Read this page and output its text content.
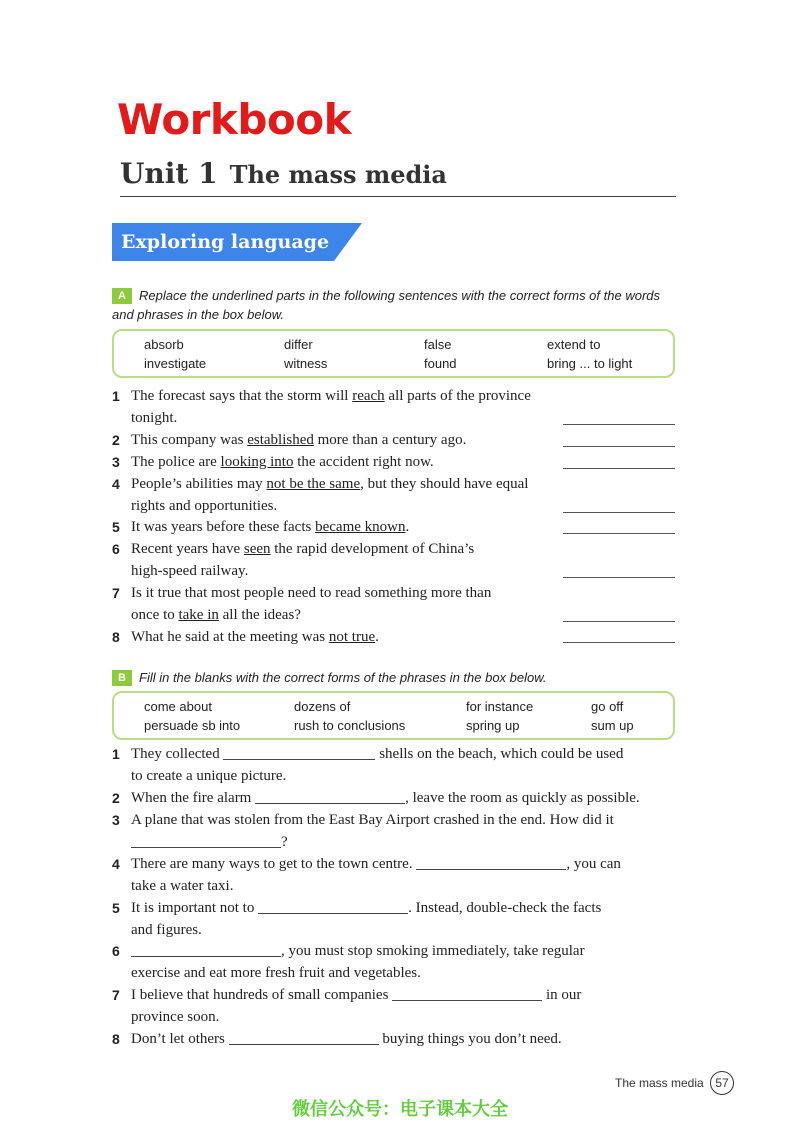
Workbook
Unit 1 The mass media
Exploring language
A Replace the underlined parts in the following sentences with the correct forms of the words and phrases in the box below.
absorb	differ	false	extend to
investigate	witness	found	bring ... to light
1 The forecast says that the storm will reach all parts of the province
tonight.
2 This company was established more than a century ago.
3 The police are looking into the accident right now.
4 People’s abilities may not be the same, but they should have equal
rights and opportunities.
5 It was years before these facts became known.
6 Recent years have seen the rapid development of China’s
high-speed railway.
7 Is it true that most people need to read something more than
once to take in all the ideas?
8 What he said at the meeting was not true.
B Fill in the blanks with the correct forms of the phrases in the box below.
come about	dozens of	for instance	go off
persuade sb into	rush to conclusions	spring up	sum up
1 They collected	shells on the beach, which could be used
to create a unique picture.
2 When the fire alarm	, leave the room as quickly as possible.
3 A plane that was stolen from the East Bay Airport crashed in the end. How did it
?
4 There are many ways to get to the town centre.	, you can
take a water taxi.
5 It is important not to	. Instead, double-check the facts
and figures.
6	, you must stop smoking immediately, take regular
exercise and eat more fresh fruit and vegetables.
7 I believe that hundreds of small companies	in our
province soon.
8 Don’t let others	buying things you don’t need.
The mass media 57
微信公众号：电子课本大全
